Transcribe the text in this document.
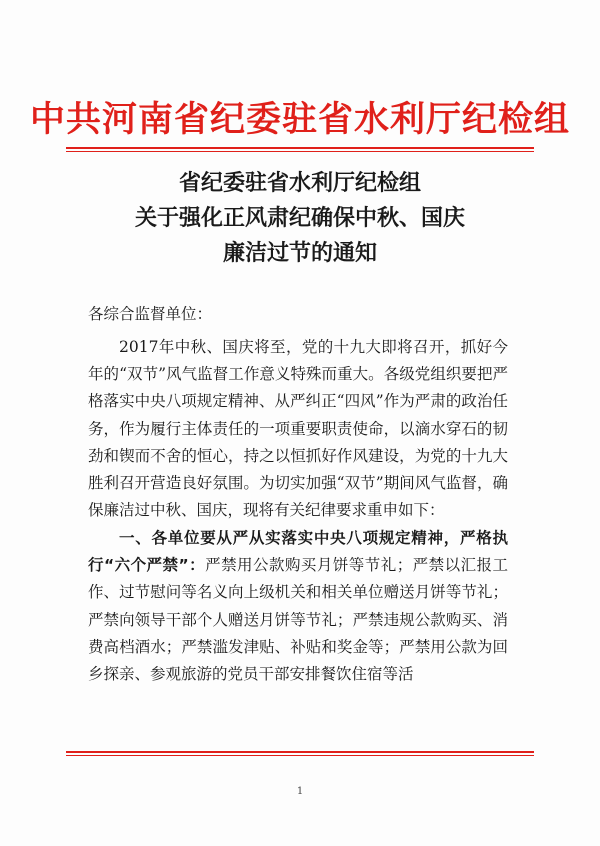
中共河南省纪委驻省水利厅纪检组
省纪委驻省水利厅纪检组
关于强化正风肃纪确保中秋、国庆
廉洁过节的通知
各综合监督单位：
2017年中秋、国庆将至，党的十九大即将召开，抓好今年的“双节”风气监督工作意义特殊而重大。各级党组织要把严格落实中央八项规定精神、从严纠正“四风”作为严肃的政治任务，作为履行主体责任的一项重要职责使命，以滴水穿石的韧劲和锲而不舍的恒心，持之以恒抓好作风建设，为党的十九大胜利召开营造良好氛围。为切实加强“双节”期间风气监督，确保廉洁过中秋、国庆，现将有关纪律要求重申如下：
一、各单位要从严从实落实中央八项规定精神，严格执行“六个严禁”：严禁用公款购买月饼等节礼；严禁以汇报工作、过节慰问等名义向上级机关和相关单位赠送月饼等节礼；严禁向领导干部个人赠送月饼等节礼；严禁违规公款购买、消费高档酒水；严禁滥发津贴、补贴和奖金等；严禁用公款为回乡探亲、参观旅游的党员干部安排餐饮住宿等活
1
